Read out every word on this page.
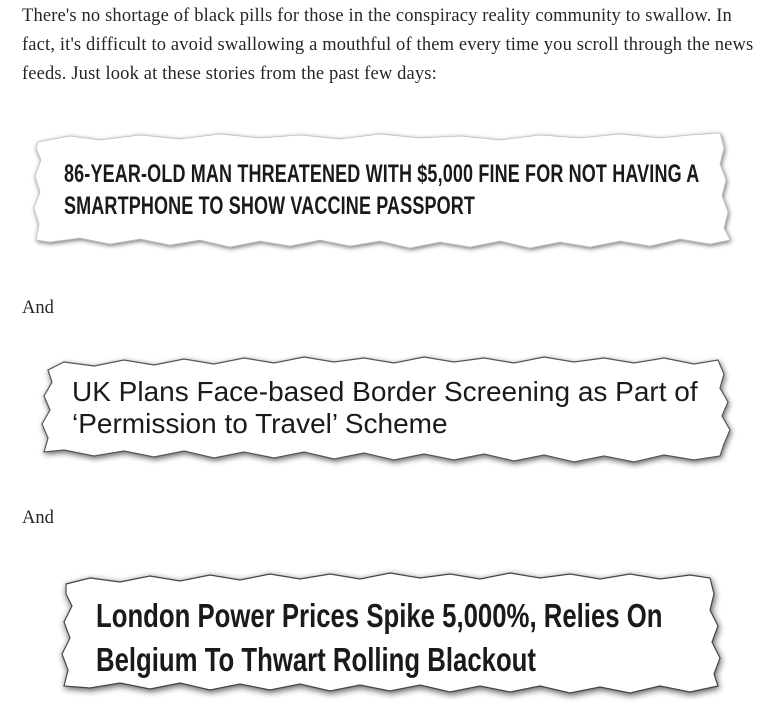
There's no shortage of black pills for those in the conspiracy reality community to swallow. In fact, it's difficult to avoid swallowing a mouthful of them every time you scroll through the news feeds. Just look at these stories from the past few days:

86-YEAR-OLD MAN THREATENED WITH $5,000 FINE FOR NOT HAVING A SMARTPHONE TO SHOW VACCINE PASSPORT

And

UK Plans Face-based Border Screening as Part of ‘Permission to Travel’ Scheme

And

London Power Prices Spike 5,000%, Relies On Belgium To Thwart Rolling Blackout
